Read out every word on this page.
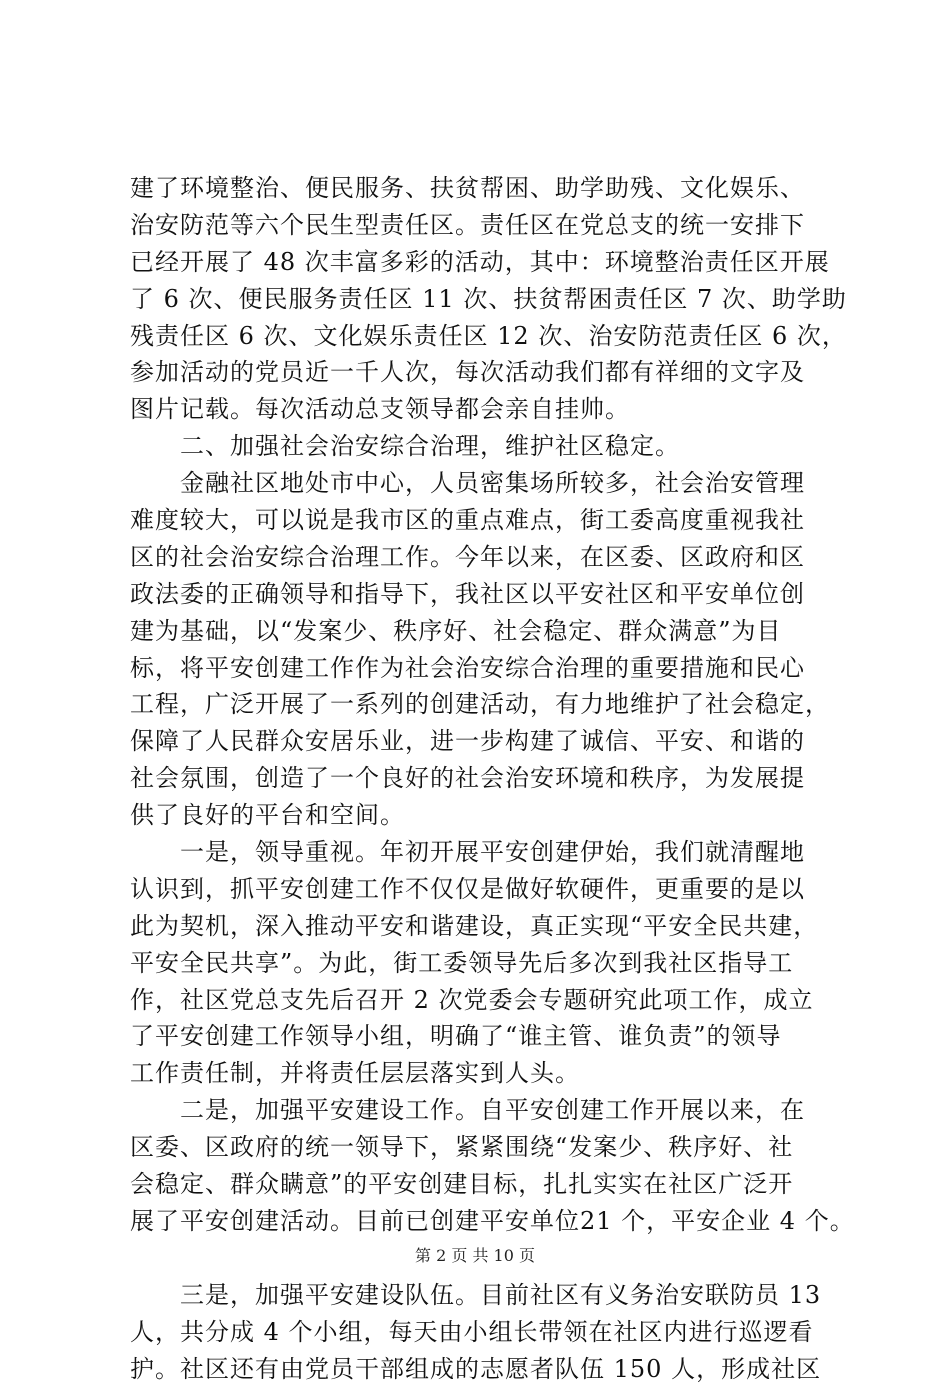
建了环境整治、便民服务、扶贫帮困、助学助残、文化娱乐、
治安防范等六个民生型责任区。责任区在党总支的统一安排下
已经开展了 48 次丰富多彩的活动，其中：环境整治责任区开展
了 6 次、便民服务责任区 11 次、扶贫帮困责任区 7 次、助学助
残责任区 6 次、文化娱乐责任区 12 次、治安防范责任区 6 次，
参加活动的党员近一千人次，每次活动我们都有祥细的文字及
图片记载。每次活动总支领导都会亲自挂帅。
　　二、加强社会治安综合治理，维护社区稳定。
　　金融社区地处市中心，人员密集场所较多，社会治安管理
难度较大，可以说是我市区的重点难点，街工委高度重视我社
区的社会治安综合治理工作。今年以来，在区委、区政府和区
政法委的正确领导和指导下，我社区以平安社区和平安单位创
建为基础，以“发案少、秩序好、社会稳定、群众满意”为目
标，将平安创建工作作为社会治安综合治理的重要措施和民心
工程，广泛开展了一系列的创建活动，有力地维护了社会稳定，
保障了人民群众安居乐业，进一步构建了诚信、平安、和谐的
社会氛围，创造了一个良好的社会治安环境和秩序，为发展提
供了良好的平台和空间。
　　一是，领导重视。年初开展平安创建伊始，我们就清醒地
认识到，抓平安创建工作不仅仅是做好软硬件，更重要的是以
此为契机，深入推动平安和谐建设，真正实现“平安全民共建，
平安全民共享”。为此，街工委领导先后多次到我社区指导工
作，社区党总支先后召开 2 次党委会专题研究此项工作，成立
了平安创建工作领导小组，明确了“谁主管、谁负责”的领导
工作责任制，并将责任层层落实到人头。
　　二是，加强平安建设工作。自平安创建工作开展以来，在
区委、区政府的统一领导下，紧紧围绕“发案少、秩序好、社
会稳定、群众瞒意”的平安创建目标，扎扎实实在社区广泛开
展了平安创建活动。目前已创建平安单位21 个，平安企业 4 个。
　　三是，加强平安建设队伍。目前社区有义务治安联防员 13
人，共分成 4 个小组，每天由小组长带领在社区内进行巡逻看
护。社区还有由党员干部组成的志愿者队伍 150 人，形成社区
第 2 页 共 10 页
